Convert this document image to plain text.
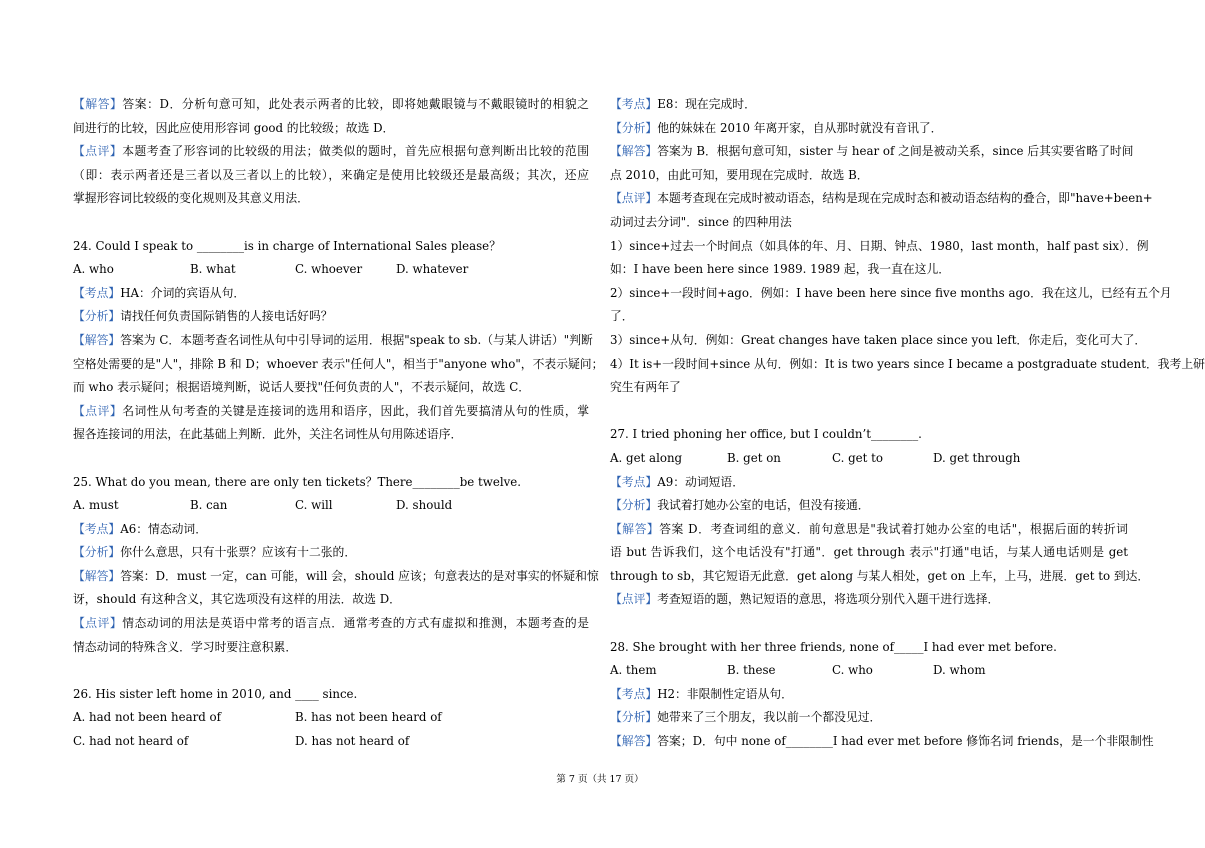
【解答】答案：D．分析句意可知，此处表示两者的比较，即将她戴眼镜与不戴眼镜时的相貌之
间进行的比较，因此应使用形容词 good 的比较级；故选 D．
【点评】本题考查了形容词的比较级的用法；做类似的题时，首先应根据句意判断出比较的范围
（即：表示两者还是三者以及三者以上的比较），来确定是使用比较级还是最高级；其次，还应
掌握形容词比较级的变化规则及其意义用法．
24. Could I speak to ________is in charge of International Sales please？
A. who	B. what	C. whoever	D. whatever
【考点】HA：介词的宾语从句．
【分析】请找任何负责国际销售的人接电话好吗？
【解答】答案为 C．本题考查名词性从句中引导词的运用．根据"speak to sb.（与某人讲话）"判断
空格处需要的是"人"，排除 B 和 D；whoever 表示"任何人"，相当于"anyone who"，不表示疑问；
而 who 表示疑问；根据语境判断，说话人要找"任何负责的人"，不表示疑问，故选 C．
【点评】名词性从句考查的关键是连接词的选用和语序，因此，我们首先要搞清从句的性质，掌
握各连接词的用法，在此基础上判断．此外，关注名词性从句用陈述语序．
25. What do you mean, there are only ten tickets？There________be twelve.
A. must	B. can	C. will	D. should
【考点】A6：情态动词．
【分析】你什么意思，只有十张票？应该有十二张的．
【解答】答案：D．must 一定，can 可能，will 会，should 应该；句意表达的是对事实的怀疑和惊
讶，should 有这种含义，其它选项没有这样的用法．故选 D．
【点评】情态动词的用法是英语中常考的语言点．通常考查的方式有虚拟和推测，本题考查的是
情态动词的特殊含义．学习时要注意积累．
26. His sister left home in 2010, and ____ since.
A. had not been heard of	B. has not been heard of
C. had not heard of	D. has not heard of
【考点】E8：现在完成时．
【分析】他的妹妹在 2010 年离开家，自从那时就没有音讯了．
【解答】答案为 B．根据句意可知，sister 与 hear of 之间是被动关系，since 后其实要省略了时间
点 2010，由此可知，要用现在完成时．故选 B．
【点评】本题考查现在完成时被动语态，结构是现在完成时态和被动语态结构的叠合，即"have+been+
动词过去分词"．since 的四种用法
1）since+过去一个时间点（如具体的年、月、日期、钟点、1980，last month，half past six）．例
如：I have been here since 1989. 1989 起，我一直在这儿．
2）since+一段时间+ago．例如：I have been here since five months ago．我在这儿，已经有五个月
了．
3）since+从句．例如：Great changes have taken place since you left．你走后，变化可大了．
4）It is+一段时间+since 从句．例如：It is two years since I became a postgraduate student．我考上研
究生有两年了
27. I tried phoning her office, but I couldn’t________.
A. get along	B. get on	C. get to	D. get through
【考点】A9：动词短语．
【分析】我试着打她办公室的电话，但没有接通．
【解答】答案 D．考查词组的意义．前句意思是"我试着打她办公室的电话"，根据后面的转折词
语 but 告诉我们，这个电话没有"打通"．get through 表示"打通"电话，与某人通电话则是 get
through to sb，其它短语无此意．get along 与某人相处，get on 上车，上马，进展．get to 到达．
【点评】考查短语的题，熟记短语的意思，将选项分别代入题干进行选择．
28. She brought with her three friends, none of_____I had ever met before.
A. them	B. these	C. who	D. whom
【考点】H2：非限制性定语从句．
【分析】她带来了三个朋友，我以前一个都没见过．
【解答】答案；D．句中 none of________I had ever met before 修饰名词 friends，是一个非限制性
第 7 页（共 17 页）
